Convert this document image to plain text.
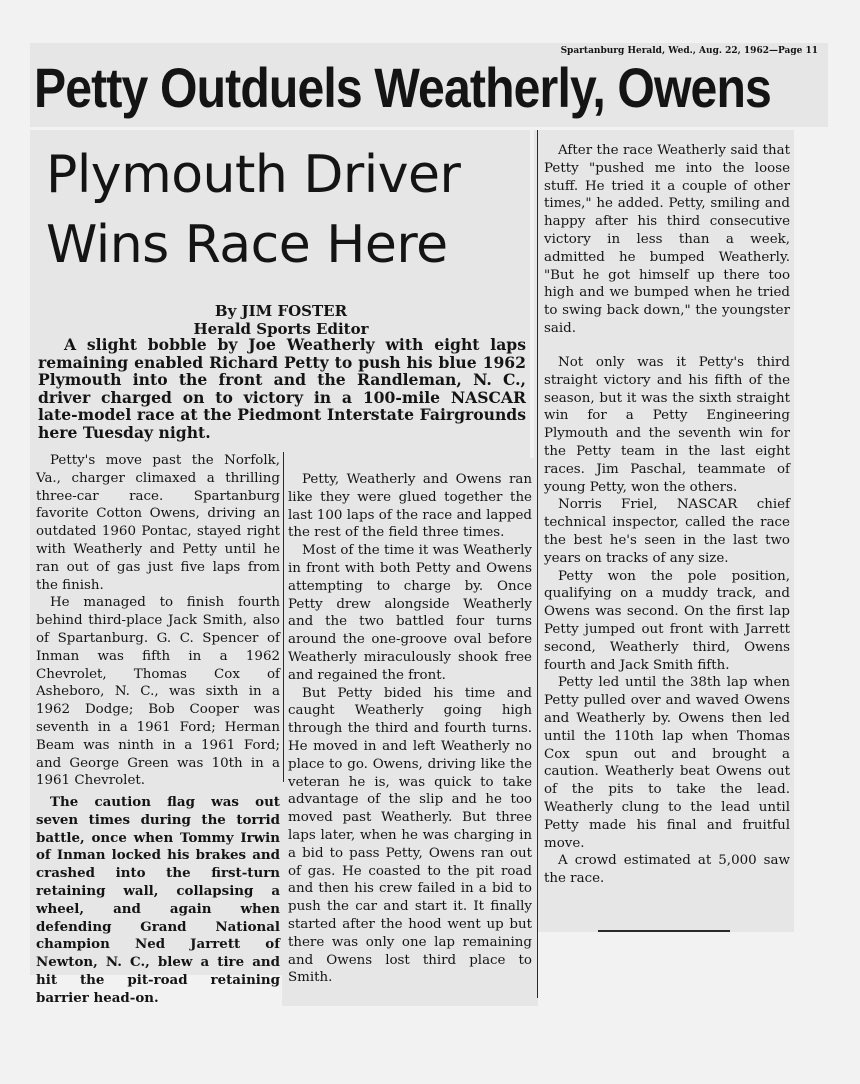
Spartanburg Herald, Wed., Aug. 22, 1962—Page 11
Petty Outduels Weatherly, Owens
Plymouth Driver
Wins Race Here
By JIM FOSTER
Herald Sports Editor
A slight bobble by Joe Weatherly with eight laps remaining enabled Richard Petty to push his blue 1962 Plymouth into the front and the Randleman, N. C., driver charged on to victory in a 100-mile NASCAR late-model race at the Piedmont Interstate Fairgrounds here Tuesday night.

Petty's move past the Norfolk, Va., charger climaxed a thrilling three-car race. Spartanburg favorite Cotton Owens, driving an outdated 1960 Pontac, stayed right with Weatherly and Petty until he ran out of gas just five laps from the finish.

He managed to finish fourth behind third-place Jack Smith, also of Spartanburg. G. C. Spencer of Inman was fifth in a 1962 Chevrolet, Thomas Cox of Asheboro, N. C., was sixth in a 1962 Dodge; Bob Cooper was seventh in a 1961 Ford; Herman Beam was ninth in a 1961 Ford; and George Green was 10th in a 1961 Chevrolet.

The caution flag was out seven times during the torrid battle, once when Tommy Irwin of Inman locked his brakes and crashed into the first-turn retaining wall, collapsing a wheel, and again when defending Grand National champion Ned Jarrett of Newton, N. C., blew a tire and hit the pit-road retaining barrier head-on.

Petty, Weatherly and Owens ran like they were glued together the last 100 laps of the race and lapped the rest of the field three times.

Most of the time it was Weatherly in front with both Petty and Owens attempting to charge by. Once Petty drew alongside Weatherly and the two battled four turns around the one-groove oval before Weatherly miraculously shook free and regained the front.

But Petty bided his time and caught Weatherly going high through the third and fourth turns. He moved in and left Weatherly no place to go. Owens, driving like the veteran he is, was quick to take advantage of the slip and he too moved past Weatherly. But three laps later, when he was charging in a bid to pass Petty, Owens ran out of gas. He coasted to the pit road and then his crew failed in a bid to push the car and start it. It finally started after the hood went up but there was only one lap remaining and Owens lost third place to Smith.

After the race Weatherly said that Petty "pushed me into the loose stuff. He tried it a couple of other times," he added. Petty, smiling and happy after his third consecutive victory in less than a week, admitted he bumped Weatherly. "But he got himself up there too high and we bumped when he tried to swing back down," the youngster said.

Not only was it Petty's third straight victory and his fifth of the season, but it was the sixth straight win for a Petty Engineering Plymouth and the seventh win for the Petty team in the last eight races. Jim Paschal, teammate of young Petty, won the others.

Norris Friel, NASCAR chief technical inspector, called the race the best he's seen in the last two years on tracks of any size.

Petty won the pole position, qualifying on a muddy track, and Owens was second. On the first lap Petty jumped out front with Jarrett second, Weatherly third, Owens fourth and Jack Smith fifth.

Petty led until the 38th lap when Petty pulled over and waved Owens and Weatherly by. Owens then led until the 110th lap when Thomas Cox spun out and brought a caution. Weatherly beat Owens out of the pits to take the lead. Weatherly clung to the lead until Petty made his final and fruitful move.

A crowd estimated at 5,000 saw the race.
